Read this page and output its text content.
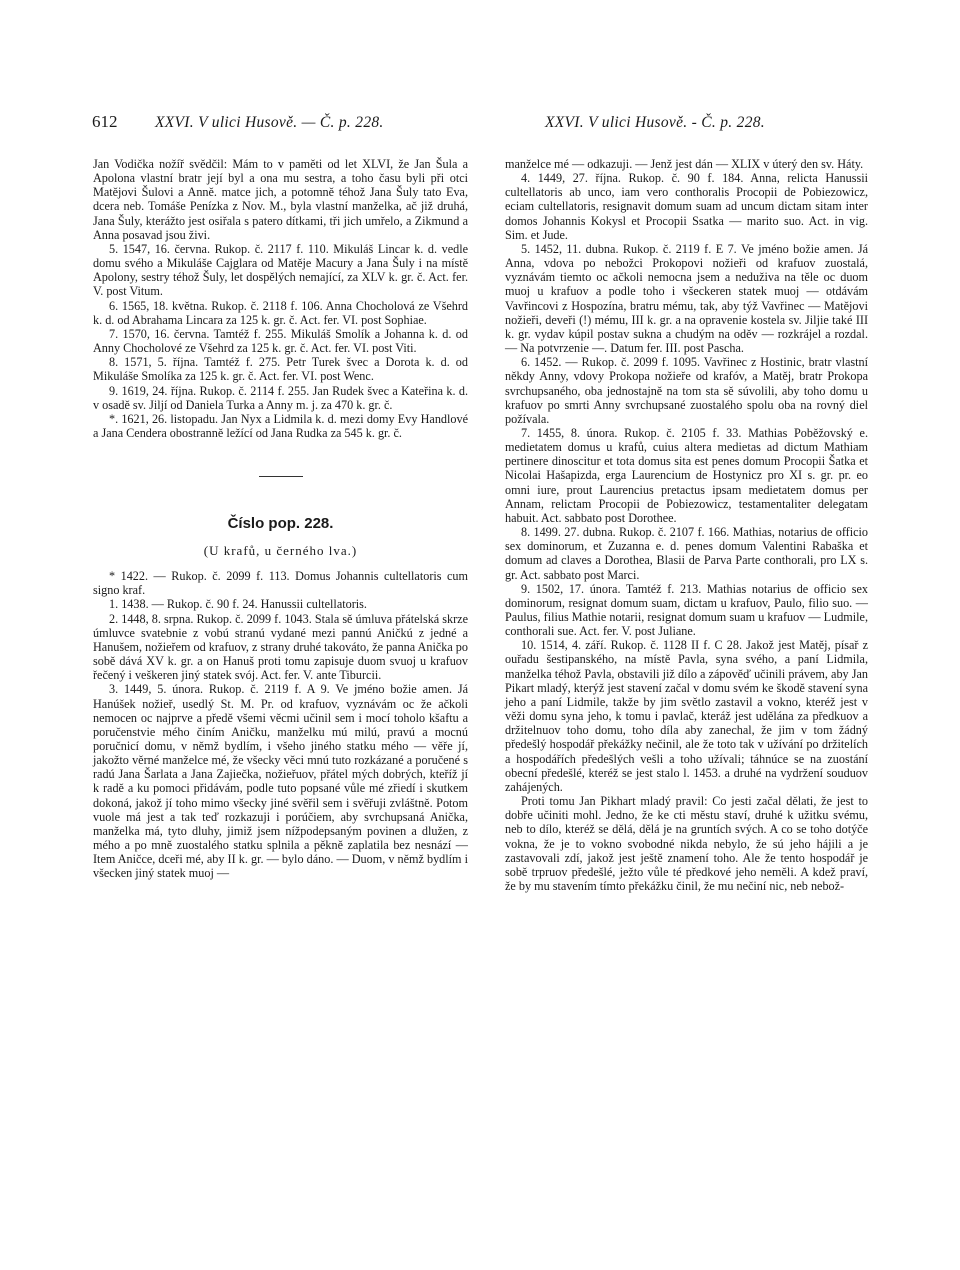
612 XXVI. V ulici Husově. — Č. p. 228.	XXVI. V ulici Husově. - Č. p. 228.

Jan Vodička nožíř svědčil: Mám to v paměti od let XLVI, že Jan Šula a Apolona vlastní bratr její byl a ona mu sestra, a toho času byli při otci Matějovi Šulovi a Anně. matce jich, a potomně téhož Jana Šuly tato Eva, dcera neb. Tomáše Penízka z Nov. M., byla vlastní manželka, ač již druhá, Jana Šuly, kterážto jest osiřala s patero dítkami, tři jich umřelo, a Zikmund a Anna posavad jsou živi.

5. 1547, 16. června. Rukop. č. 2117 f. 110. Mikuláš Lincar k. d. vedle domu svého a Mikuláše Cajglara od Matěje Macury a Jana Šuly i na místě Apolony, sestry téhož Šuly, let dospělých nemající, za XLV k. gr. č. Act. fer. V. post Vitum.

6. 1565, 18. května. Rukop. č. 2118 f. 106. Anna Chocholová ze Všehrd k. d. od Abrahama Lincara za 125 k. gr. č. Act. fer. VI. post Sophiae.

7. 1570, 16. června. Tamtéž f. 255. Mikuláš Smolík a Johanna k. d. od Anny Chocholové ze Všehrd za 125 k. gr. č. Act. fer. VI. post Viti.

8. 1571, 5. října. Tamtéž f. 275. Petr Turek švec a Dorota k. d. od Mikuláše Smolíka za 125 k. gr. č. Act. fer. VI. post Wenc.

9. 1619, 24. října. Rukop. č. 2114 f. 255. Jan Rudek švec a Kateřina k. d. v osadě sv. Jiljí od Daniela Turka a Anny m. j. za 470 k. gr. č.

*. 1621, 26. listopadu. Jan Nyx a Lidmila k. d. mezi domy Evy Handlové a Jana Cendera obostranně ležící od Jana Rudka za 545 k. gr. č.

Číslo pop. 228.
(U krafů, u černého lva.)

* 1422. — Rukop. č. 2099 f. 113. Domus Johannis cultellatoris cum signo kraf.

1. 1438. — Rukop. č. 90 f. 24. Hanussii cultellatoris.

2. 1448, 8. srpna. Rukop. č. 2099 f. 1043. Stala sě úmluva přátelská skrze úmluvce svatebnie z vobú stranú vydané mezi pannú Aničkú z jedné a Hanušem, nožieřem od krafuov, z strany druhé takováto, že panna Anička po sobě dává XV k. gr. a on Hanuš proti tomu zapisuje duom svuoj u krafuov řečený i veškeren jiný statek svój. Act. fer. V. ante Tiburcii.

3. 1449, 5. února. Rukop. č. 2119 f. A 9. Ve jméno božie amen. Já Hanúšek nožieř, usedlý St. M. Pr. od krafuov, vyznávám oc že ačkoli nemocen oc najprve a předě všemi věcmi učinil sem i mocí toholo kšaftu a poručenstvie mého činím Aničku, manželku mú milú, pravú a mocnú poručnicí domu, v němž bydlím, i všeho jiného statku mého — věře jí, jakožto věrné manželce mé, že všecky věci mnú tuto rozkázané a poručené s radú Jana Šarlata a Jana Zajiečka, nožieřuov, přátel mých dobrých, kteříž jí k radě a ku pomoci přidávám, podle tuto popsané vůle mé zřiedí i skutkem dokoná, jakož jí toho mimo všecky jiné svěřil sem i svěřuji zvláštně. Potom vuole má jest a tak teď rozkazuji i porúčiem, aby svrchupsaná Anička, manželka má, tyto dluhy, jimiž jsem nížpodepsaným povinen a dlužen, z mého a po mně zuostalého statku splnila a pěkně zaplatila bez nesnází — Item Aničce, dceři mé, aby II k. gr. — bylo dáno. — Duom, v němž bydlím i všecken jiný statek muoj —

manželce mé — odkazuji. — Jenž jest dán — XLIX v úterý den sv. Háty.

4. 1449, 27. října. Rukop. č. 90 f. 184. Anna, relicta Hanussii cultellatoris ab unco, iam vero conthoralis Procopii de Pobiezowicz, eciam cultellatoris, resignavit domum suam ad uncum dictam sitam inter domos Johannis Kokysl et Procopii Ssatka — marito suo. Act. in vig. Sim. et Jude.

5. 1452, 11. dubna. Rukop. č. 2119 f. E 7. Ve jméno božie amen. Já Anna, vdova po nebožci Prokopovi nožieři od krafuov zuostalá, vyznávám tiemto oc ačkoli nemocna jsem a neduživa na těle oc duom muoj u krafuov a podle toho i všeckeren statek muoj — otdávám Vavřincovi z Hospozína, bratru mému, tak, aby týž Vavřinec — Matějovi nožieři, deveři (!) mému, III k. gr. a na opravenie kostela sv. Jiljie také III k. gr. vydav kúpil postav sukna a chudým na oděv — rozkrájel a rozdal. — Na potvrzenie —. Datum fer. III. post Pascha.

6. 1452. — Rukop. č. 2099 f. 1095. Vavřinec z Hostinic, bratr vlastní někdy Anny, vdovy Prokopa nožieře od krafóv, a Matěj, bratr Prokopa svrchupsaného, oba jednostajně na tom sta sě súvolili, aby toho domu u krafuov po smrti Anny svrchupsané zuostalého spolu oba na rovný diel požívala.

7. 1455, 8. února. Rukop. č. 2105 f. 33. Mathias Poběžovský e. medietatem domus u krafů, cuius altera medietas ad dictum Mathiam pertinere dinoscitur et tota domus sita est penes domum Procopii Šatka et Nicolai Hašapizda, erga Laurencium de Hostynicz pro XI s. gr. pr. eo omni iure, prout Laurencius pretactus ipsam medietatem domus per Annam, relictam Procopii de Pobiezowicz, testamentaliter delegatam habuit. Act. sabbato post Dorotheе.

8. 1499. 27. dubna. Rukop. č. 2107 f. 166. Mathias, notarius de officio sex dominorum, et Zuzanna e. d. penes domum Valentini Rabaška et domum ad claves a Dorothea, Blasii de Parva Parte conthorali, pro LX s. gr. Act. sabbato post Marci.

9. 1502, 17. února. Tamtéž f. 213. Mathias notarius de officio sex dominorum, resignat domum suam, dictam u krafuov, Paulo, filio suo. — Paulus, filius Mathie notarii, resignat domum suam u krafuov — Ludmile, conthorali sue. Act. fer. V. post Juliane.

10. 1514, 4. září. Rukop. č. 1128 II f. C 28. Jakož jest Matěj, písař z ouřadu šestipanského, na místě Pavla, syna svého, a paní Lidmila, manželka téhož Pavla, obstavili již dílo a zápověď učinili právem, aby Jan Pikart mladý, kterýž jest stavení začal v domu svém ke škodě stavení syna jeho a paní Lidmile, takže by jim světlo zastavil a vokno, kteréž jest v věži domu syna jeho, k tomu i pavlač, kteráž jest udělána za předkuov a držitelnuov toho domu, toho díla aby zanechal, že jim v tom žádný předešlý hospodář překážky nečinil, ale že toto tak v užívání po držitelích a hospodářích předešlých vešli a toho užívali; táhnúce se na zuostání obecní předešlé, kteréž se jest stalo l. 1453. a druhé na vydržení souduov zahájených.

Proti tomu Jan Pikhart mladý pravil: Co jesti začal dělati, že jest to dobře učiniti mohl. Jedno, že ke cti městu staví, druhé k užitku svému, neb to dílo, kteréž se dělá, dělá je na gruntích svých. A co se toho dotýče vokna, že je to vokno svobodné nikda nebylo, že sú jeho hájili a je zastavovali zdí, jakož jest ještě znamení toho. Ale že tento hospodář je sobě trpruov předešlé, ježto vůle té předkové jeho neměli. A kdež praví, že by mu stavením tímto překážku činil, že mu nečiní nic, neb nebož-
